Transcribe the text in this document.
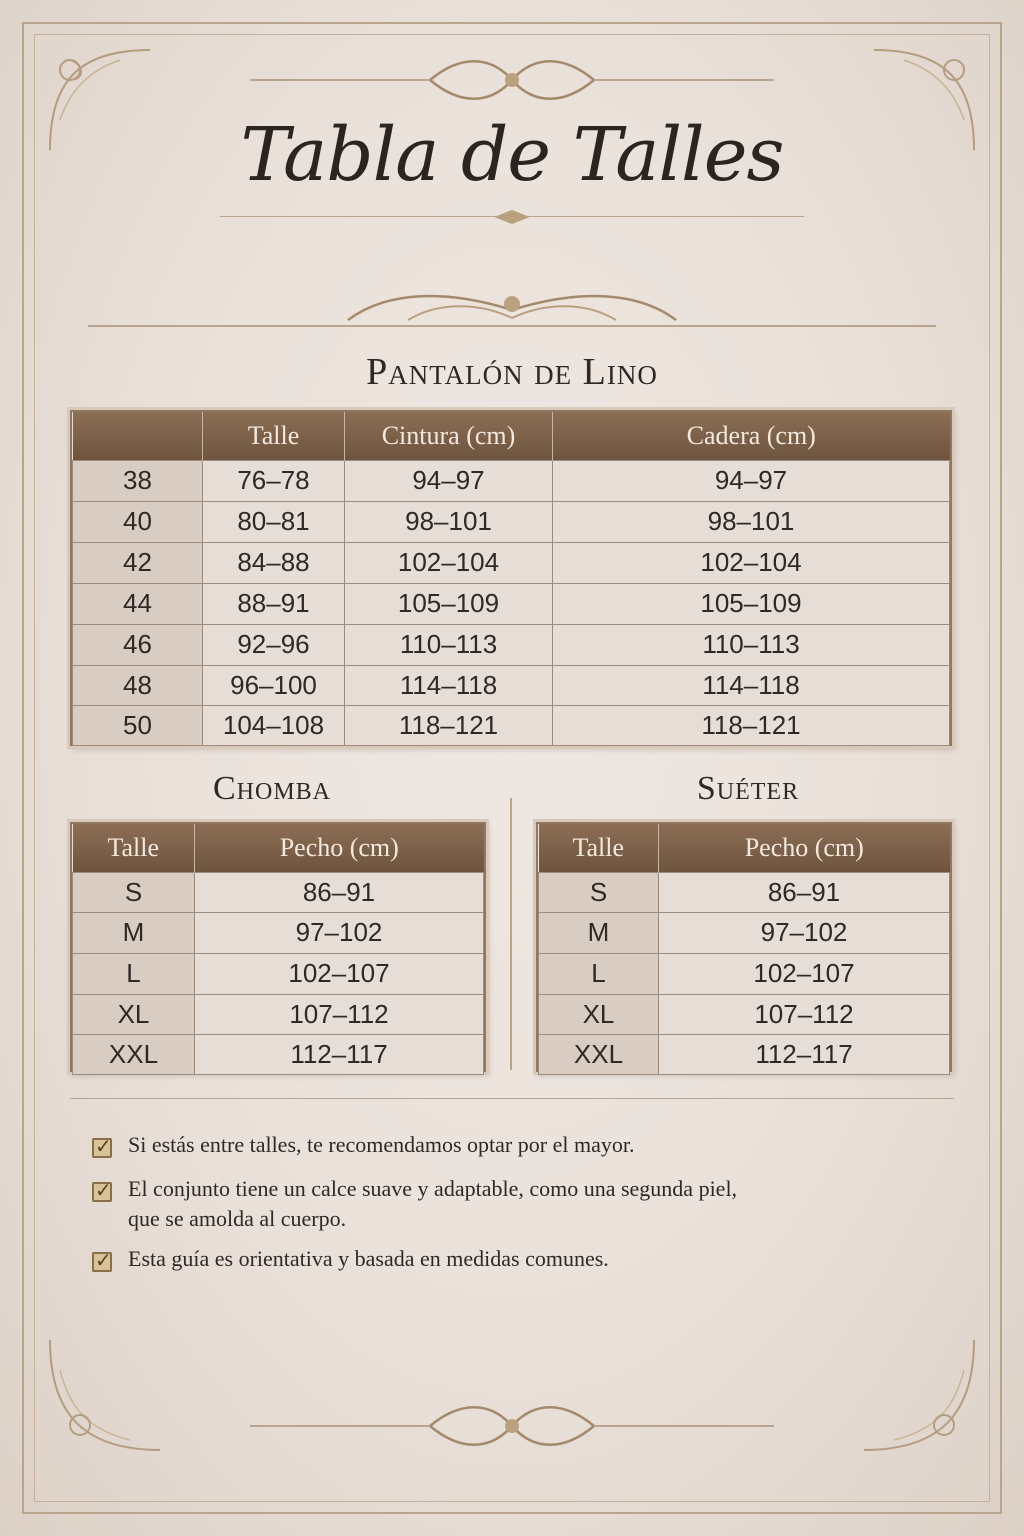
Tabla de Talles
Pantalón de Lino
	Talle	Cintura (cm)	Cadera (cm)
38	76–78	94–97	94–97
40	80–81	98–101	98–101
42	84–88	102–104	102–104
44	88–91	105–109	105–109
46	92–96	110–113	110–113
48	96–100	114–118	114–118
50	104–108	118–121	118–121
Chomba
Talle	Pecho (cm)
S	86–91
M	97–102
L	102–107
XL	107–112
XXL	112–117
Suéter
Talle	Pecho (cm)
S	86–91
M	97–102
L	102–107
XL	107–112
XXL	112–117
✓ Si estás entre talles, te recomendamos optar por el mayor.
✓ El conjunto tiene un calce suave y adaptable, como una segunda piel,
que se amolda al cuerpo.
✓ Esta guía es orientativa y basada en medidas comunes.
